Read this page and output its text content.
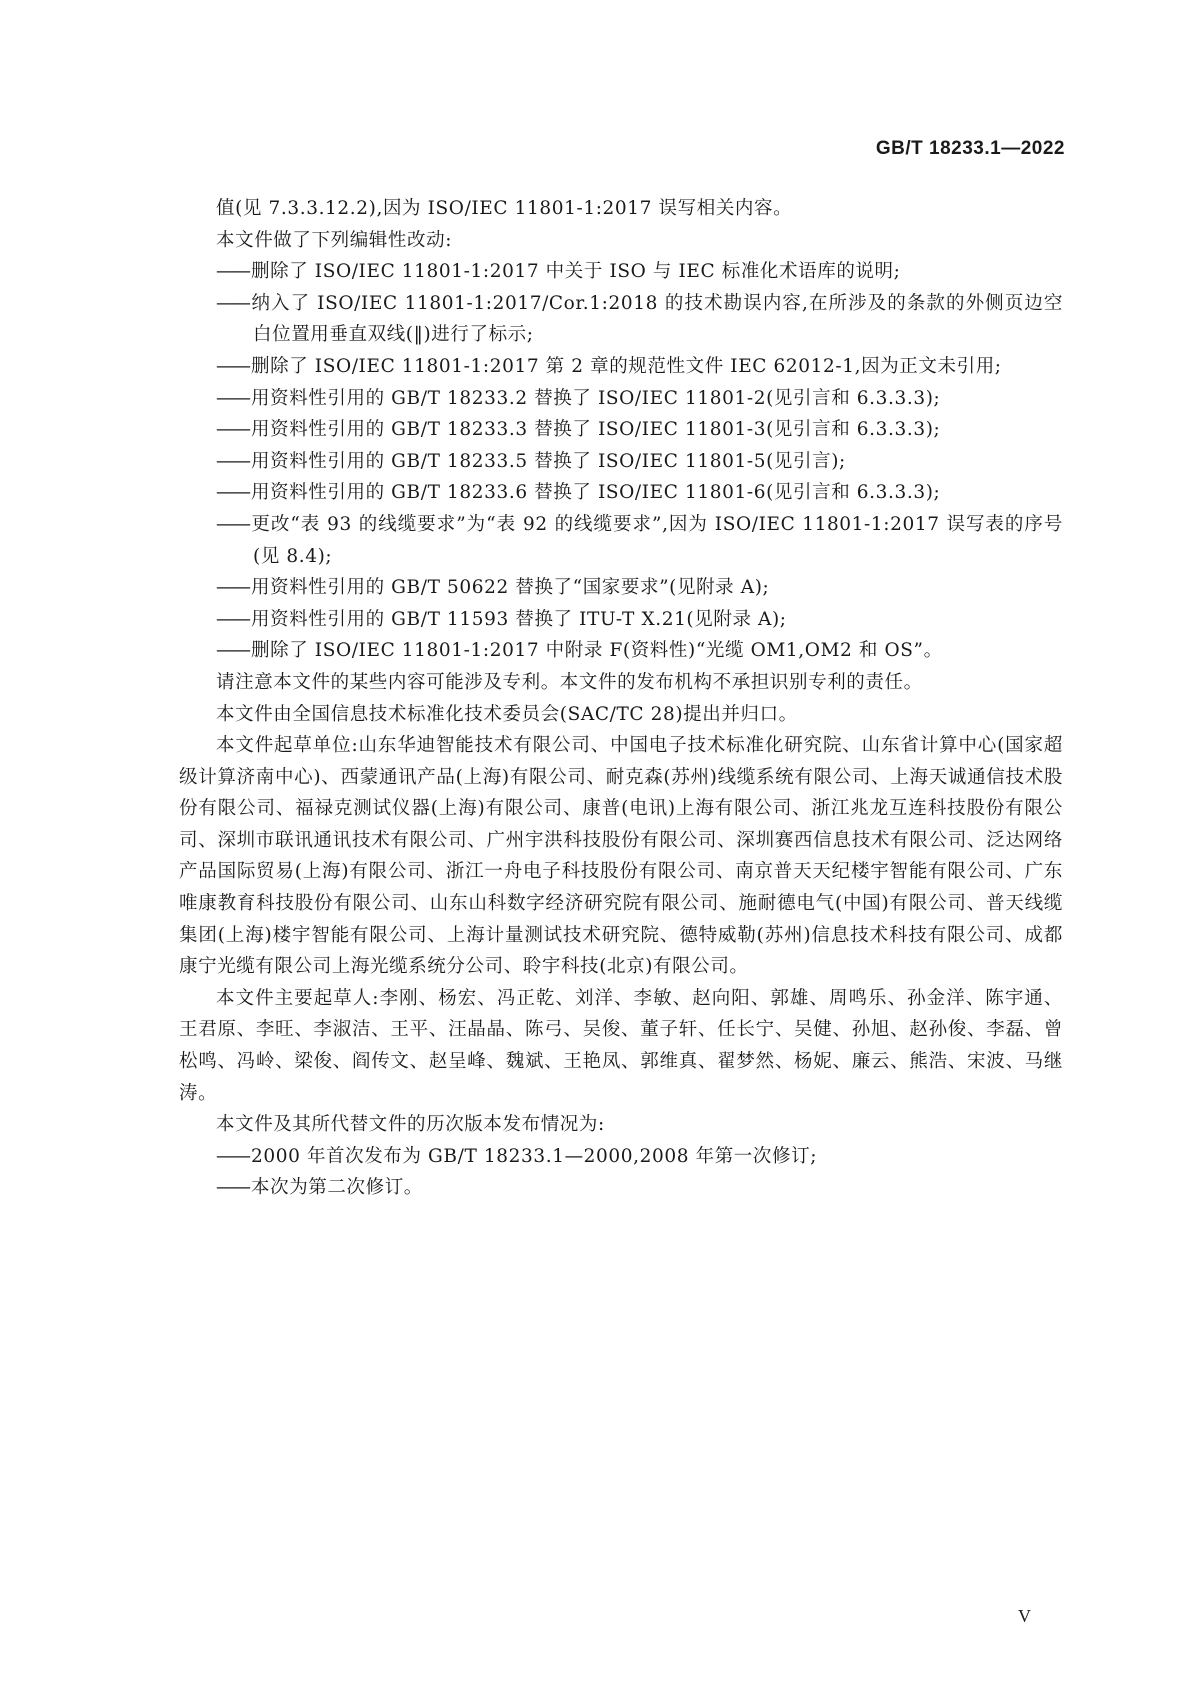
GB/T 18233.1—2022

值(见 7.3.3.12.2),因为 ISO/IEC 11801-1:2017 误写相关内容。

本文件做了下列编辑性改动:

—— 删除了 ISO/IEC 11801-1:2017 中关于 ISO 与 IEC 标准化术语库的说明;

—— 纳入了 ISO/IEC 11801-1:2017/Cor.1:2018 的技术勘误内容,在所涉及的条款的外侧页边空白位置用垂直双线(‖)进行了标示;

—— 删除了 ISO/IEC 11801-1:2017 第 2 章的规范性文件 IEC 62012-1,因为正文未引用;

—— 用资料性引用的 GB/T 18233.2 替换了 ISO/IEC 11801-2(见引言和 6.3.3.3);

—— 用资料性引用的 GB/T 18233.3 替换了 ISO/IEC 11801-3(见引言和 6.3.3.3);

—— 用资料性引用的 GB/T 18233.5 替换了 ISO/IEC 11801-5(见引言);

—— 用资料性引用的 GB/T 18233.6 替换了 ISO/IEC 11801-6(见引言和 6.3.3.3);

—— 更改“表 93 的线缆要求”为“表 92 的线缆要求”,因为 ISO/IEC 11801-1:2017 误写表的序号(见 8.4);

—— 用资料性引用的 GB/T 50622 替换了“国家要求”(见附录 A);

—— 用资料性引用的 GB/T 11593 替换了 ITU-T X.21(见附录 A);

—— 删除了 ISO/IEC 11801-1:2017 中附录 F(资料性)“光缆 OM1,OM2 和 OS”。

请注意本文件的某些内容可能涉及专利。本文件的发布机构不承担识别专利的责任。

本文件由全国信息技术标准化技术委员会(SAC/TC 28)提出并归口。

本文件起草单位:山东华迪智能技术有限公司、中国电子技术标准化研究院、山东省计算中心(国家超级计算济南中心)、西蒙通讯产品(上海)有限公司、耐克森(苏州)线缆系统有限公司、上海天诚通信技术股份有限公司、福禄克测试仪器(上海)有限公司、康普(电讯)上海有限公司、浙江兆龙互连科技股份有限公司、深圳市联讯通讯技术有限公司、广州宇洪科技股份有限公司、深圳赛西信息技术有限公司、泛达网络产品国际贸易(上海)有限公司、浙江一舟电子科技股份有限公司、南京普天天纪楼宇智能有限公司、广东唯康教育科技股份有限公司、山东山科数字经济研究院有限公司、施耐德电气(中国)有限公司、普天线缆集团(上海)楼宇智能有限公司、上海计量测试技术研究院、德特威勒(苏州)信息技术科技有限公司、成都康宁光缆有限公司上海光缆系统分公司、聆宇科技(北京)有限公司。

本文件主要起草人:李刚、杨宏、冯正乾、刘洋、李敏、赵向阳、郭雄、周鸣乐、孙金洋、陈宇通、王君原、李旺、李淑洁、王平、汪晶晶、陈弓、吴俊、董子轩、任长宁、吴健、孙旭、赵孙俊、李磊、曾松鸣、冯岭、梁俊、阎传文、赵呈峰、魏斌、王艳凤、郭维真、翟梦然、杨妮、廉云、熊浩、宋波、马继涛。

本文件及其所代替文件的历次版本发布情况为:

—— 2000 年首次发布为 GB/T 18233.1—2000,2008 年第一次修订;

—— 本次为第二次修订。

V
